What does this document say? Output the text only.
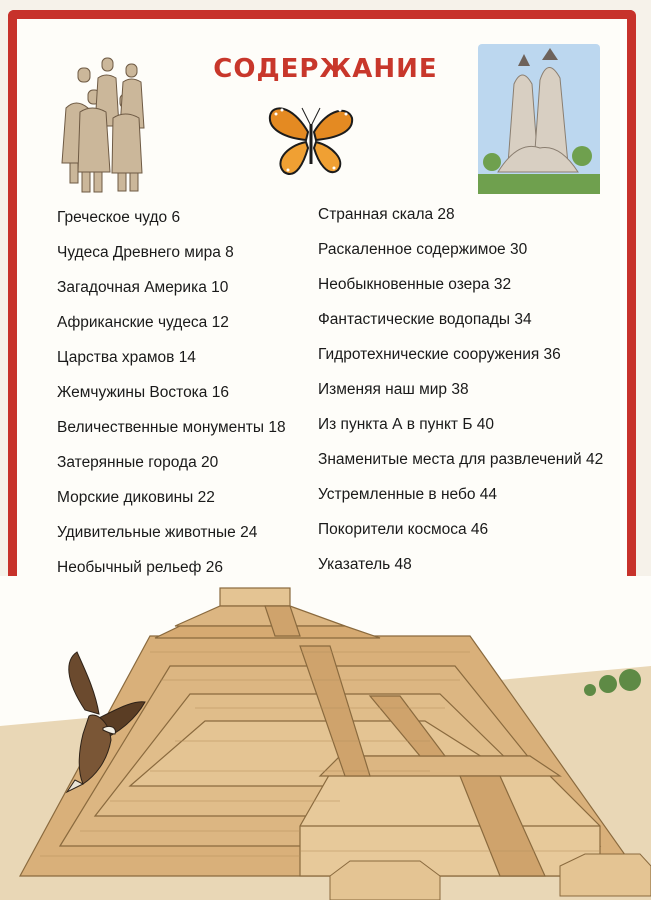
СОДЕРЖАНИЕ
Греческое чудо 6
Чудеса Древнего мира 8
Загадочная Америка 10
Африканские чудеса 12
Царства храмов 14
Жемчужины Востока 16
Величественные монументы 18
Затерянные города 20
Морские диковины 22
Удивительные животные 24
Необычный рельеф 26
Странная скала 28
Раскаленное содержимое 30
Необыкновенные озера 32
Фантастические водопады 34
Гидротехнические сооружения 36
Изменяя наш мир 38
Из пункта А в пункт Б 40
Знаменитые места для развлечений 42
Устремленные в небо 44
Покорители космоса 46
Указатель 48
